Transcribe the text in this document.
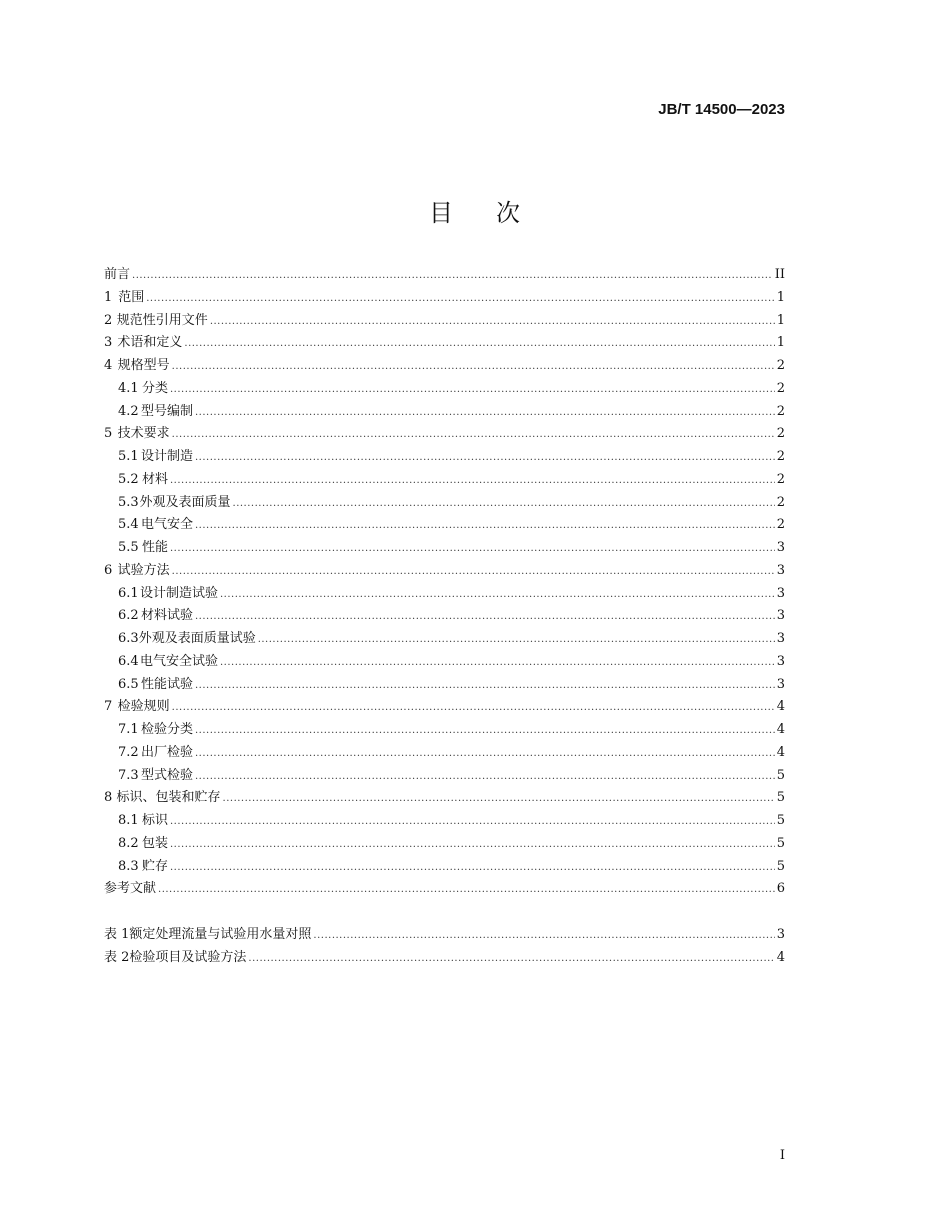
JB/T 14500—2023
目 次
前言 .....	II
1 范围 .....	1
2 规范性引用文件 .....	1
3 术语和定义 .....	1
4 规格型号 .....	2
4.1 分类 .....	2
4.2 型号编制 .....	2
5 技术要求 .....	2
5.1 设计制造 .....	2
5.2 材料 .....	2
5.3 外观及表面质量 .....	2
5.4 电气安全 .....	2
5.5 性能 .....	3
6 试验方法 .....	3
6.1 设计制造试验 .....	3
6.2 材料试验 .....	3
6.3 外观及表面质量试验 .....	3
6.4 电气安全试验 .....	3
6.5 性能试验 .....	3
7 检验规则 .....	4
7.1 检验分类 .....	4
7.2 出厂检验 .....	4
7.3 型式检验 .....	5
8 标识、包装和贮存 .....	5
8.1 标识 .....	5
8.2 包装 .....	5
8.3 贮存 .....	5
参考文献 .....	6
表 1 额定处理流量与试验用水量对照 .....	3
表 2 检验项目及试验方法 .....	4
I
